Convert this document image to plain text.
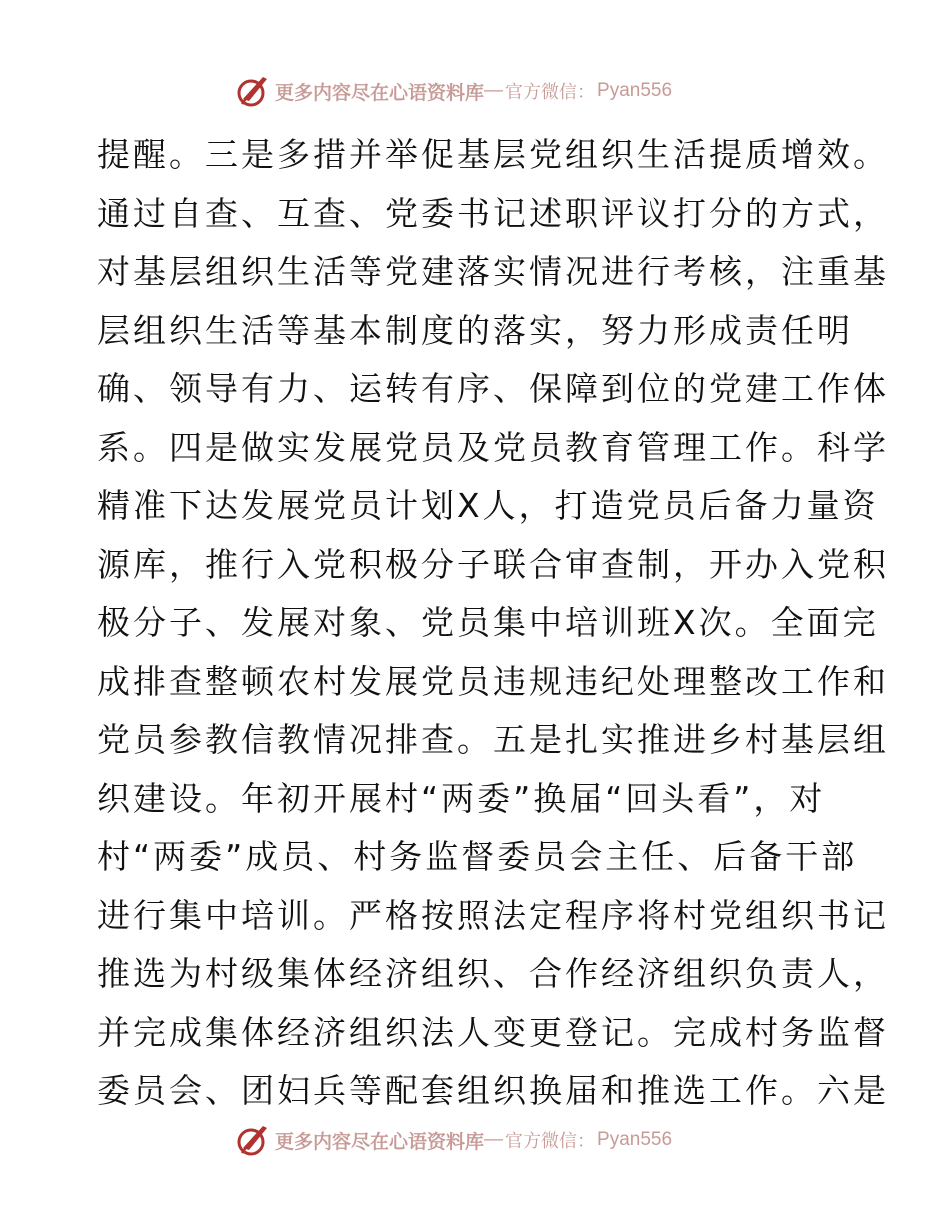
更多内容尽在心语资料库 — 官方微信： Pyan556
提醒。三是多措并举促基层党组织生活提质增效。
通过自查、互查、党委书记述职评议打分的方式，
对基层组织生活等党建落实情况进行考核，注重基
层组织生活等基本制度的落实，努力形成责任明
确、领导有力、运转有序、保障到位的党建工作体
系。四是做实发展党员及党员教育管理工作。科学
精准下达发展党员计划X人，打造党员后备力量资
源库，推行入党积极分子联合审查制，开办入党积
极分子、发展对象、党员集中培训班X次。全面完
成排查整顿农村发展党员违规违纪处理整改工作和
党员参教信教情况排查。五是扎实推进乡村基层组
织建设。年初开展村“两委”换届“回头看”，对
村“两委”成员、村务监督委员会主任、后备干部
进行集中培训。严格按照法定程序将村党组织书记
推选为村级集体经济组织、合作经济组织负责人，
并完成集体经济组织法人变更登记。完成村务监督
委员会、团妇兵等配套组织换届和推选工作。六是
更多内容尽在心语资料库 — 官方微信： Pyan556
